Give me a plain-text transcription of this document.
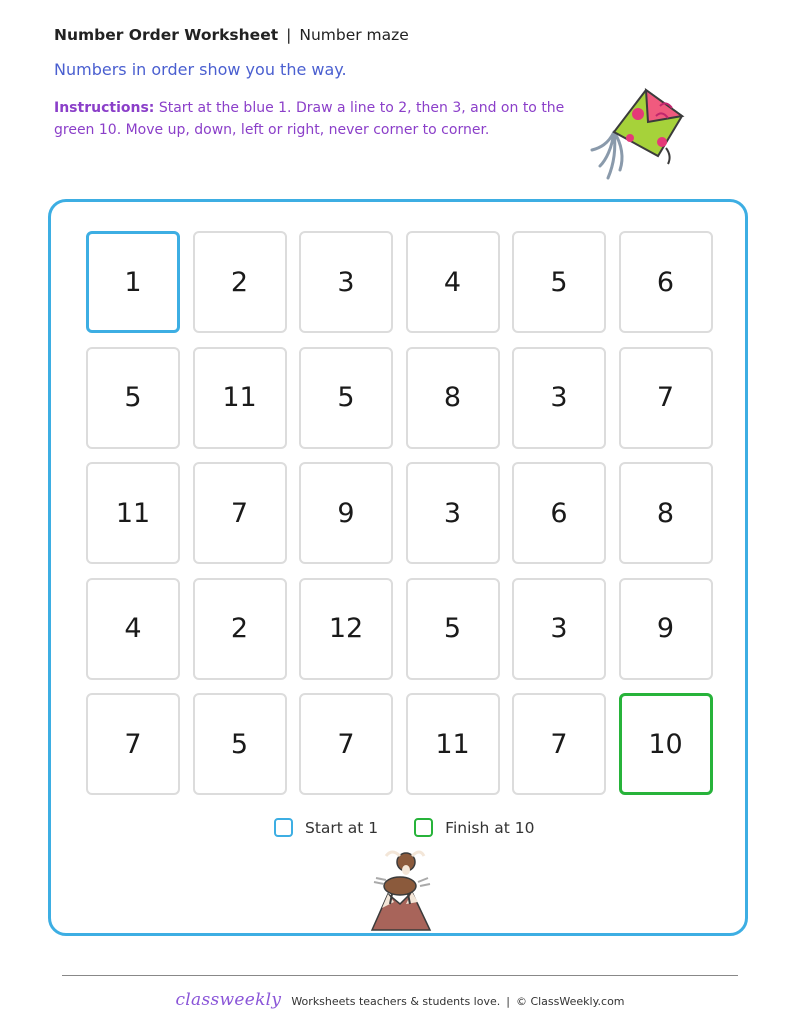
Number Order Worksheet | Number maze
Numbers in order show you the way.
Instructions: Start at the blue 1. Draw a line to 2, then 3, and on to the green 10. Move up, down, left or right, never corner to corner.
1	2	3	4	5	6
5	11	5	8	3	7
11	7	9	3	6	8
4	2	12	5	3	9
7	5	7	11	7	10
Start at 1	Finish at 10
classweekly Worksheets teachers & students love. | © ClassWeekly.com
